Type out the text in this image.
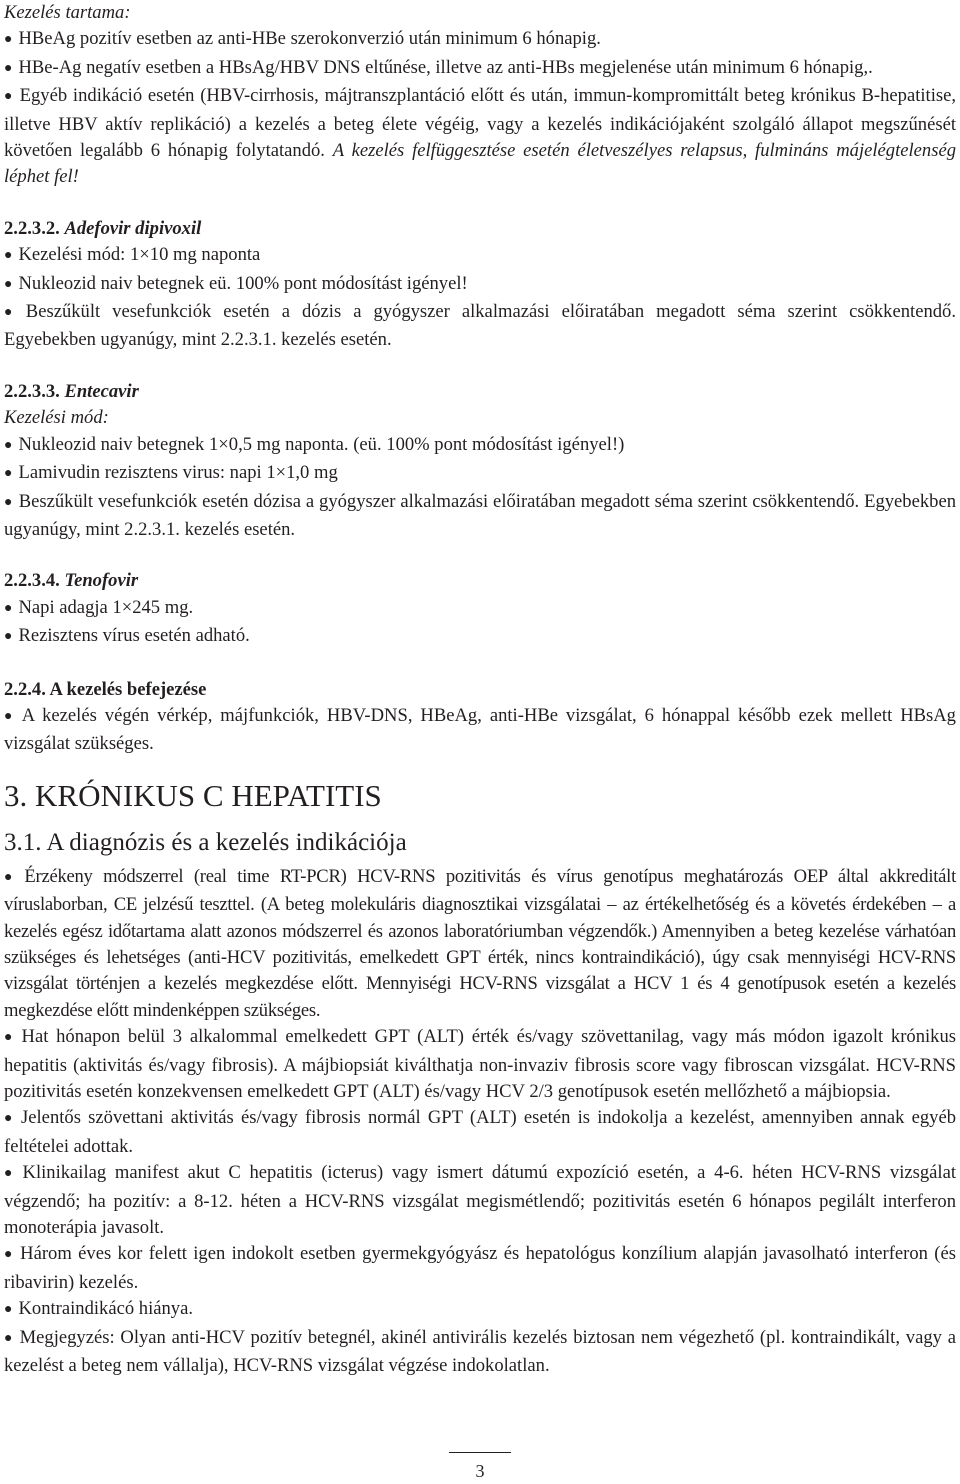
Kezelés tartama:

● HBeAg pozitív esetben az anti-HBe szerokonverzió után minimum 6 hónapig.

● HBe-Ag negatív esetben a HBsAg/HBV DNS eltűnése, illetve az anti-HBs megjelenése után minimum 6 hónapig,.

● Egyéb indikáció esetén (HBV-cirrhosis, májtranszplantáció előtt és után, immun-kompromittált beteg krónikus B-hepatitise, illetve HBV aktív replikáció) a kezelés a beteg élete végéig, vagy a kezelés indikációjaként szolgáló állapot megszűnését követően legalább 6 hónapig folytatandó. A kezelés felfüggesztése esetén életveszélyes relapsus, fulmináns májelégtelenség léphet fel!

2.2.3.2. Adefovir dipivoxil

● Kezelési mód: 1×10 mg naponta

● Nukleozid naiv betegnek eü. 100% pont módosítást igényel!

● Beszűkült vesefunkciók esetén a dózis a gyógyszer alkalmazási előiratában megadott séma szerint csökkentendő. Egyebekben ugyanúgy, mint 2.2.3.1. kezelés esetén.

2.2.3.3. Entecavir

Kezelési mód:

● Nukleozid naiv betegnek 1×0,5 mg naponta. (eü. 100% pont módosítást igényel!)

● Lamivudin rezisztens virus: napi 1×1,0 mg

● Beszűkült vesefunkciók esetén dózisa a gyógyszer alkalmazási előiratában megadott séma szerint csökkentendő. Egyebekben ugyanúgy, mint 2.2.3.1. kezelés esetén.

2.2.3.4. Tenofovir

● Napi adagja 1×245 mg.

● Rezisztens vírus esetén adható.

2.2.4. A kezelés befejezése

● A kezelés végén vérkép, májfunkciók, HBV-DNS, HBeAg, anti-HBe vizsgálat, 6 hónappal később ezek mellett HBsAg vizsgálat szükséges.

3. KRÓNIKUS C HEPATITIS
3.1. A diagnózis és a kezelés indikációja

● Érzékeny módszerrel (real time RT-PCR) HCV-RNS pozitivitás és vírus genotípus meghatározás OEP által akkreditált víruslaborban, CE jelzésű teszttel. (A beteg molekuláris diagnosztikai vizsgálatai – az értékelhetőség és a követés érdekében – a kezelés egész időtartama alatt azonos módszerrel és azonos laboratóriumban végzendők.) Amennyiben a beteg kezelése várhatóan szükséges és lehetséges (anti-HCV pozitivitás, emelkedett GPT érték, nincs kontraindikáció), úgy csak mennyiségi HCV-RNS vizsgálat történjen a kezelés megkezdése előtt. Mennyiségi HCV-RNS vizsgálat a HCV 1 és 4 genotípusok esetén a kezelés megkezdése előtt mindenképpen szükséges.

● Hat hónapon belül 3 alkalommal emelkedett GPT (ALT) érték és/vagy szövettanilag, vagy más módon igazolt krónikus hepatitis (aktivitás és/vagy fibrosis). A májbiopsiát kiválthatja non-invaziv fibrosis score vagy fibroscan vizsgálat. HCV-RNS pozitivitás esetén konzekvensen emelkedett GPT (ALT) és/vagy HCV 2/3 genotípusok esetén mellőzhető a májbiopsia.

● Jelentős szövettani aktivitás és/vagy fibrosis normál GPT (ALT) esetén is indokolja a kezelést, amennyiben annak egyéb feltételei adottak.

● Klinikailag manifest akut C hepatitis (icterus) vagy ismert dátumú expozíció esetén, a 4-6. héten HCV-RNS vizsgálat végzendő; ha pozitív: a 8-12. héten a HCV-RNS vizsgálat megismétlendő; pozitivitás esetén 6 hónapos pegilált interferon monoterápia javasolt.

● Három éves kor felett igen indokolt esetben gyermekgyógyász és hepatológus konzílium alapján javasolható interferon (és ribavirin) kezelés.

● Kontraindikácó hiánya.

● Megjegyzés: Olyan anti-HCV pozitív betegnél, akinél antivirális kezelés biztosan nem végezhető (pl. kontraindikált, vagy a kezelést a beteg nem vállalja), HCV-RNS vizsgálat végzése indokolatlan.

3
